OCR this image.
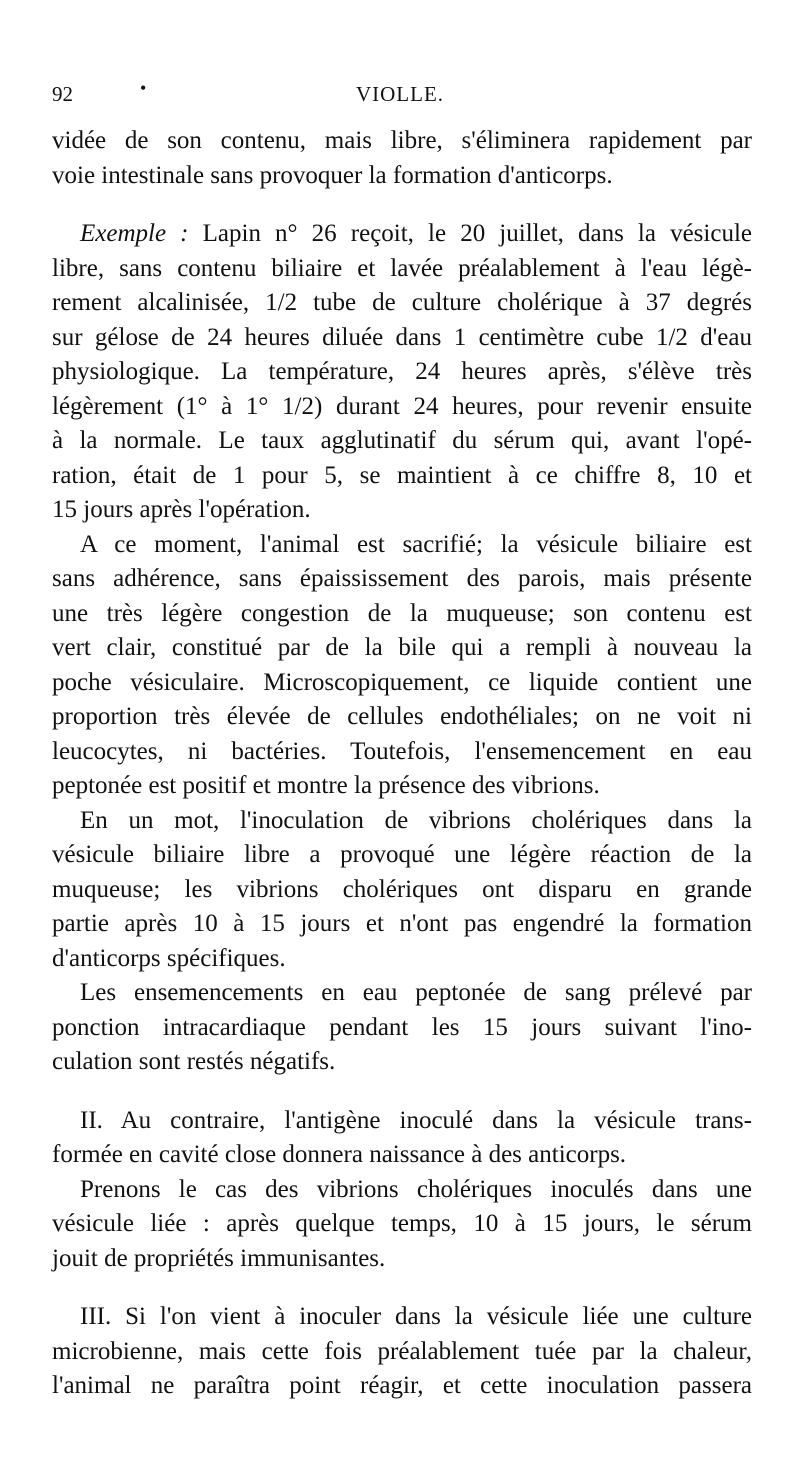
92	•	VIOLLE.

vidée de son contenu, mais libre, s'éliminera rapidement par
voie intestinale sans provoquer la formation d'anticorps.

Exemple : Lapin n° 26 reçoit, le 20 juillet, dans la vésicule
libre, sans contenu biliaire et lavée préalablement à l'eau légè-
rement alcalinisée, 1/2 tube de culture cholérique à 37 degrés
sur gélose de 24 heures diluée dans 1 centimètre cube 1/2 d'eau
physiologique. La température, 24 heures après, s'élève très
légèrement (1° à 1° 1/2) durant 24 heures, pour revenir ensuite
à la normale. Le taux agglutinatif du sérum qui, avant l'opé-
ration, était de 1 pour 5, se maintient à ce chiffre 8, 10 et
15 jours après l'opération.

A ce moment, l'animal est sacrifié; la vésicule biliaire est
sans adhérence, sans épaississement des parois, mais présente
une très légère congestion de la muqueuse; son contenu est
vert clair, constitué par de la bile qui a rempli à nouveau la
poche vésiculaire. Microscopiquement, ce liquide contient une
proportion très élevée de cellules endothéliales; on ne voit ni
leucocytes, ni bactéries. Toutefois, l'ensemencement en eau
peptonée est positif et montre la présence des vibrions.

En un mot, l'inoculation de vibrions cholériques dans la
vésicule biliaire libre a provoqué une légère réaction de la
muqueuse; les vibrions cholériques ont disparu en grande
partie après 10 à 15 jours et n'ont pas engendré la formation
d'anticorps spécifiques.

Les ensemencements en eau peptonée de sang prélevé par
ponction intracardiaque pendant les 15 jours suivant l'ino-
culation sont restés négatifs.

II. Au contraire, l'antigène inoculé dans la vésicule trans-
formée en cavité close donnera naissance à des anticorps.

Prenons le cas des vibrions cholériques inoculés dans une
vésicule liée : après quelque temps, 10 à 15 jours, le sérum
jouit de propriétés immunisantes.

III. Si l'on vient à inoculer dans la vésicule liée une culture
microbienne, mais cette fois préalablement tuée par la chaleur,
l'animal ne paraîtra point réagir, et cette inoculation passera
